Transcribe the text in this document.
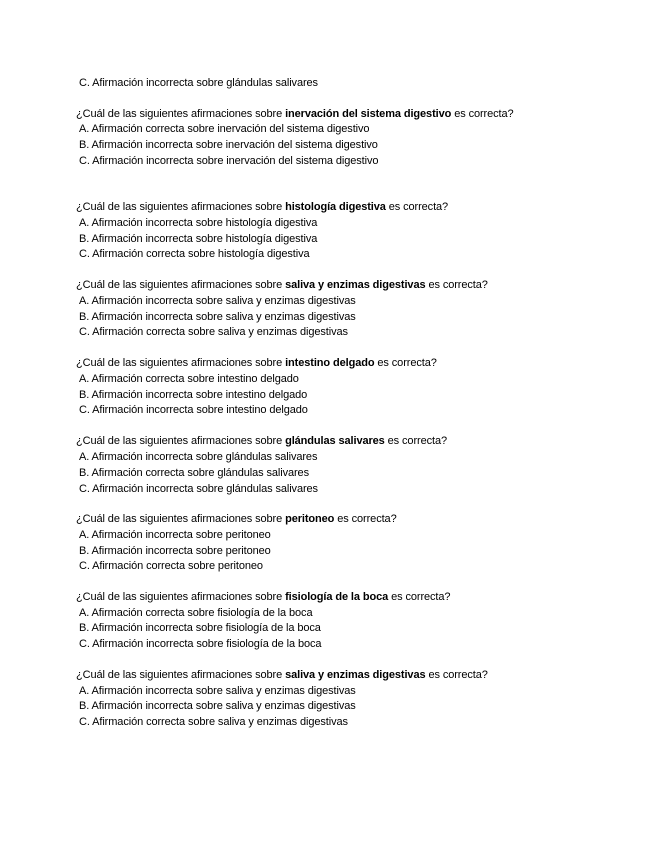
C. Afirmación incorrecta sobre glándulas salivares
¿Cuál de las siguientes afirmaciones sobre inervación del sistema digestivo es correcta?
A. Afirmación correcta sobre inervación del sistema digestivo
B. Afirmación incorrecta sobre inervación del sistema digestivo
C. Afirmación incorrecta sobre inervación del sistema digestivo
¿Cuál de las siguientes afirmaciones sobre histología digestiva es correcta?
A. Afirmación incorrecta sobre histología digestiva
B. Afirmación incorrecta sobre histología digestiva
C. Afirmación correcta sobre histología digestiva
¿Cuál de las siguientes afirmaciones sobre saliva y enzimas digestivas es correcta?
A. Afirmación incorrecta sobre saliva y enzimas digestivas
B. Afirmación incorrecta sobre saliva y enzimas digestivas
C. Afirmación correcta sobre saliva y enzimas digestivas
¿Cuál de las siguientes afirmaciones sobre intestino delgado es correcta?
A. Afirmación correcta sobre intestino delgado
B. Afirmación incorrecta sobre intestino delgado
C. Afirmación incorrecta sobre intestino delgado
¿Cuál de las siguientes afirmaciones sobre glándulas salivares es correcta?
A. Afirmación incorrecta sobre glándulas salivares
B. Afirmación correcta sobre glándulas salivares
C. Afirmación incorrecta sobre glándulas salivares
¿Cuál de las siguientes afirmaciones sobre peritoneo es correcta?
A. Afirmación incorrecta sobre peritoneo
B. Afirmación incorrecta sobre peritoneo
C. Afirmación correcta sobre peritoneo
¿Cuál de las siguientes afirmaciones sobre fisiología de la boca es correcta?
A. Afirmación correcta sobre fisiología de la boca
B. Afirmación incorrecta sobre fisiología de la boca
C. Afirmación incorrecta sobre fisiología de la boca
¿Cuál de las siguientes afirmaciones sobre saliva y enzimas digestivas es correcta?
A. Afirmación incorrecta sobre saliva y enzimas digestivas
B. Afirmación incorrecta sobre saliva y enzimas digestivas
C. Afirmación correcta sobre saliva y enzimas digestivas
